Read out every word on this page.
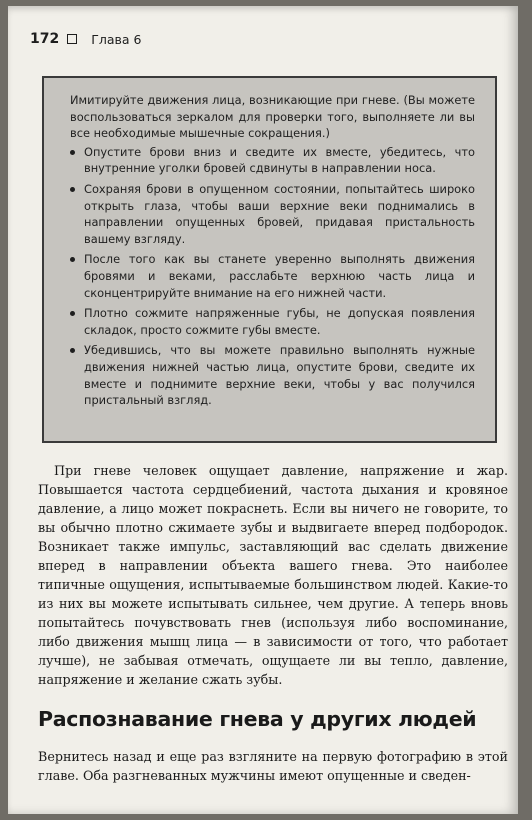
172	Глава 6

Имитируйте движения лица, возникающие при гневе. (Вы можете воспользоваться зеркалом для проверки того, выполняете ли вы все необходимые мышечные сокращения.)

Опустите брови вниз и сведите их вместе, убедитесь, что внутренние уголки бровей сдвинуты в направлении носа.
Сохраняя брови в опущенном состоянии, попытайтесь широко открыть глаза, чтобы ваши верхние веки поднимались в направлении опущенных бровей, придавая пристальность вашему взгляду.
После того как вы станете уверенно выполнять движения бровями и веками, расслабьте верхнюю часть лица и сконцентрируйте внимание на его нижней части.
Плотно сожмите напряженные губы, не допуская появления складок, просто сожмите губы вместе.
Убедившись, что вы можете правильно выполнять нужные движения нижней частью лица, опустите брови, сведите их вместе и поднимите верхние веки, чтобы у вас получился пристальный взгляд.

При гневе человек ощущает давление, напряжение и жар. Повышается частота сердцебиений, частота дыхания и кровяное давление, а лицо может покраснеть. Если вы ничего не говорите, то вы обычно плотно сжимаете зубы и выдвигаете вперед подбородок. Возникает также импульс, заставляющий вас сделать движение вперед в направлении объекта вашего гнева. Это наиболее типичные ощущения, испытываемые большинством людей. Какие-то из них вы можете испытывать сильнее, чем другие. А теперь вновь попытайтесь почувствовать гнев (используя либо воспоминание, либо движения мышц лица — в зависимости от того, что работает лучше), не забывая отмечать, ощущаете ли вы тепло, давление, напряжение и желание сжать зубы.

Распознавание гнева у других людей

Вернитесь назад и еще раз взгляните на первую фотографию в этой главе. Оба разгневанных мужчины имеют опущенные и сведен-
